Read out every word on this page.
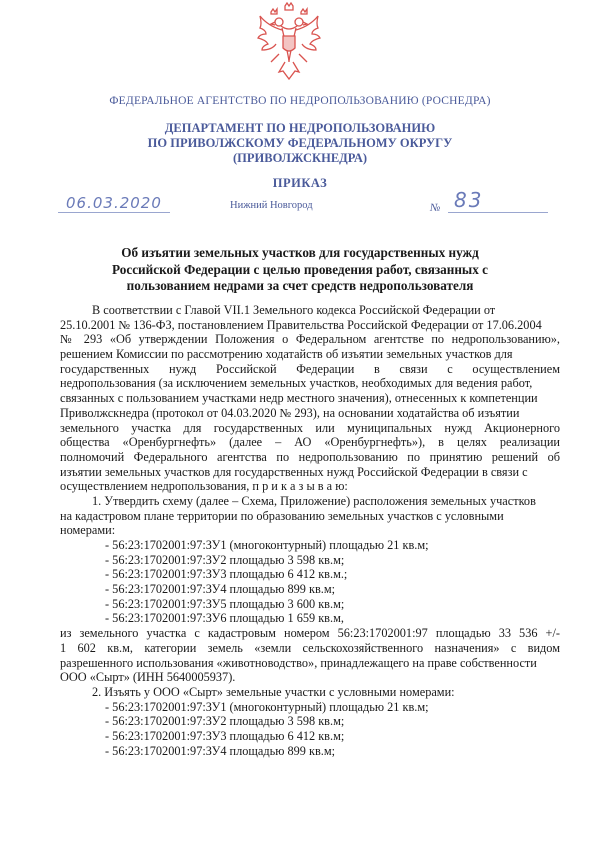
ФЕДЕРАЛЬНОЕ АГЕНТСТВО ПО НЕДРОПОЛЬЗОВАНИЮ (РОСНЕДРА)
ДЕПАРТАМЕНТ ПО НЕДРОПОЛЬЗОВАНИЮ
ПО ПРИВОЛЖСКОМУ ФЕДЕРАЛЬНОМУ ОКРУГУ
(ПРИВОЛЖСКНЕДРА)
ПРИКАЗ
06.03.2020	Нижний Новгород	№ 83
Об изъятии земельных участков для государственных нужд
Российской Федерации с целью проведения работ, связанных с
пользованием недрами за счет средств недропользователя
В соответствии с Главой VII.1 Земельного кодекса Российской Федерации от
25.10.2001 № 136-ФЗ, постановлением Правительства Российской Федерации от 17.06.2004
№ 293 «Об утверждении Положения о Федеральном агентстве по недропользованию»,
решением Комиссии по рассмотрению ходатайств об изъятии земельных участков для
государственных нужд Российской Федерации в связи с осуществлением
недропользования (за исключением земельных участков, необходимых для ведения работ,
связанных с пользованием участками недр местного значения), отнесенных к компетенции
Приволжскнедра (протокол от 04.03.2020 № 293), на основании ходатайства об изъятии
земельного участка для государственных или муниципальных нужд Акционерного
общества «Оренбургнефть» (далее – АО «Оренбургнефть»), в целях реализации
полномочий Федерального агентства по недропользованию по принятию решений об
изъятии земельных участков для государственных нужд Российской Федерации в связи с
осуществлением недропользования, п р и к а з ы в а ю:
1. Утвердить схему (далее – Схема, Приложение) расположения земельных участков
на кадастровом плане территории по образованию земельных участков с условными
номерами:
- 56:23:1702001:97:ЗУ1 (многоконтурный) площадью 21 кв.м;
- 56:23:1702001:97:ЗУ2 площадью 3 598 кв.м;
- 56:23:1702001:97:ЗУ3 площадью 6 412 кв.м.;
- 56:23:1702001:97:ЗУ4 площадью 899 кв.м;
- 56:23:1702001:97:ЗУ5 площадью 3 600 кв.м;
- 56:23:1702001:97:ЗУ6 площадью 1 659 кв.м,
из земельного участка с кадастровым номером 56:23:1702001:97 площадью 33 536 +/-
1 602 кв.м, категории земель «земли сельскохозяйственного назначения» с видом
разрешенного использования «животноводство», принадлежащего на праве собственности
ООО «Сырт» (ИНН 5640005937).
2. Изъять у ООО «Сырт» земельные участки с условными номерами:
- 56:23:1702001:97:ЗУ1 (многоконтурный) площадью 21 кв.м;
- 56:23:1702001:97:ЗУ2 площадью 3 598 кв.м;
- 56:23:1702001:97:ЗУ3 площадью 6 412 кв.м;
- 56:23:1702001:97:ЗУ4 площадью 899 кв.м;
